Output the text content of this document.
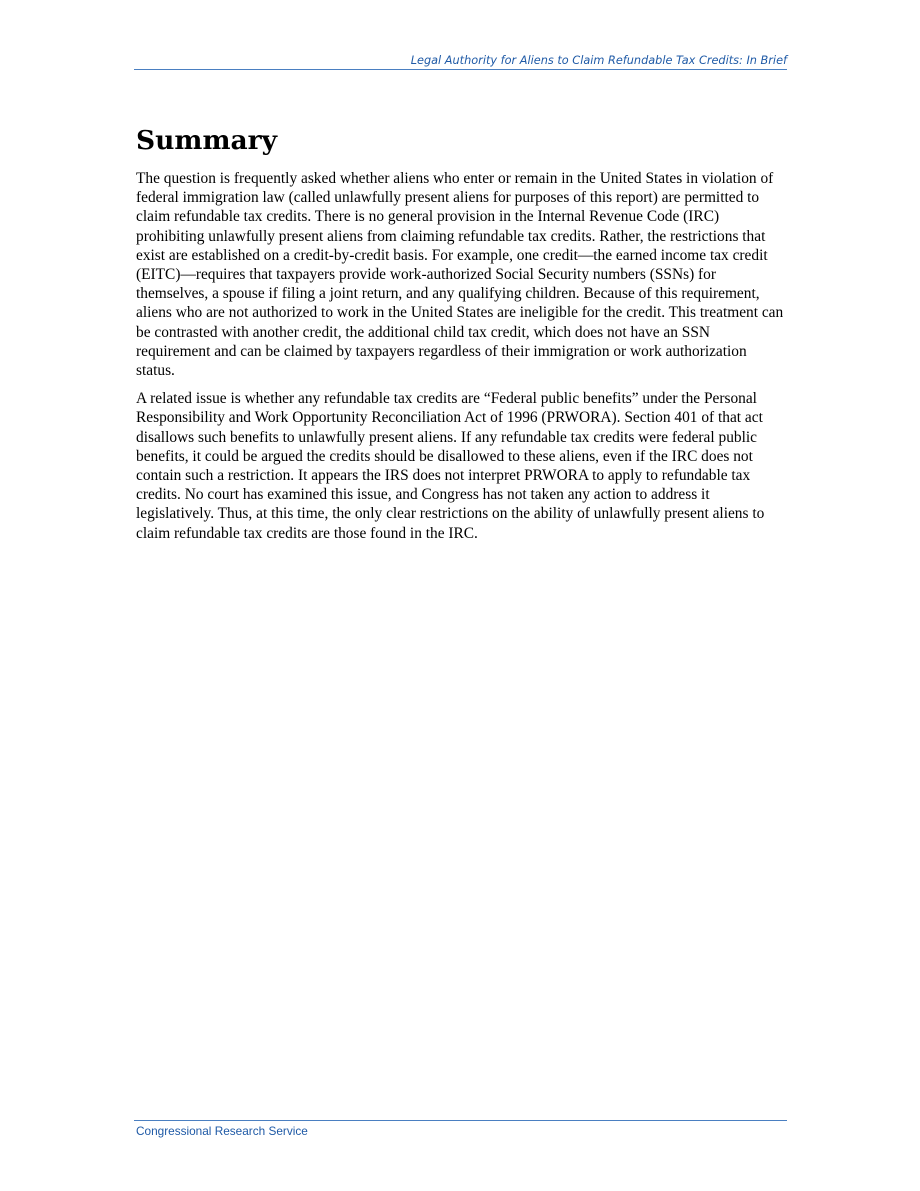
Legal Authority for Aliens to Claim Refundable Tax Credits: In Brief
Summary

The question is frequently asked whether aliens who enter or remain in the United States in violation of federal immigration law (called unlawfully present aliens for purposes of this report) are permitted to claim refundable tax credits. There is no general provision in the Internal Revenue Code (IRC) prohibiting unlawfully present aliens from claiming refundable tax credits. Rather, the restrictions that exist are established on a credit-by-credit basis. For example, one credit—the earned income tax credit (EITC)—requires that taxpayers provide work-authorized Social Security numbers (SSNs) for themselves, a spouse if filing a joint return, and any qualifying children. Because of this requirement, aliens who are not authorized to work in the United States are ineligible for the credit. This treatment can be contrasted with another credit, the additional child tax credit, which does not have an SSN requirement and can be claimed by taxpayers regardless of their immigration or work authorization status.

A related issue is whether any refundable tax credits are “Federal public benefits” under the Personal Responsibility and Work Opportunity Reconciliation Act of 1996 (PRWORA). Section 401 of that act disallows such benefits to unlawfully present aliens. If any refundable tax credits were federal public benefits, it could be argued the credits should be disallowed to these aliens, even if the IRC does not contain such a restriction. It appears the IRS does not interpret PRWORA to apply to refundable tax credits. No court has examined this issue, and Congress has not taken any action to address it legislatively. Thus, at this time, the only clear restrictions on the ability of unlawfully present aliens to claim refundable tax credits are those found in the IRC.

Congressional Research Service
